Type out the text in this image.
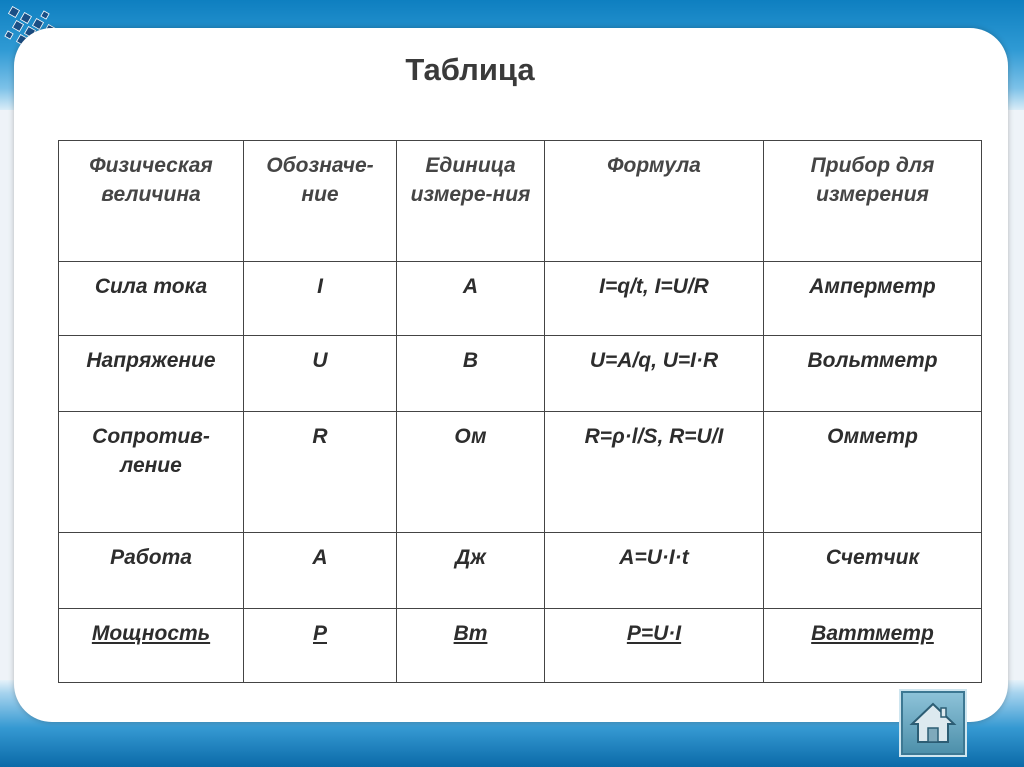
Таблица
Физическая величина	Обозначе-ние	Единица измере-ния	Формула	Прибор для измерения
Сила тока	I	А	I=q/t, I=U/R	Амперметр
Напряжение	U	В	U=A/q, U=I·R	Вольтметр
Сопротив-ление	R	Ом	R=ρ·l/S, R=U/I	Омметр
Работа	A	Дж	A=U·I·t	Счетчик
Мощность	P	Вт	P=U·I	Ваттметр
